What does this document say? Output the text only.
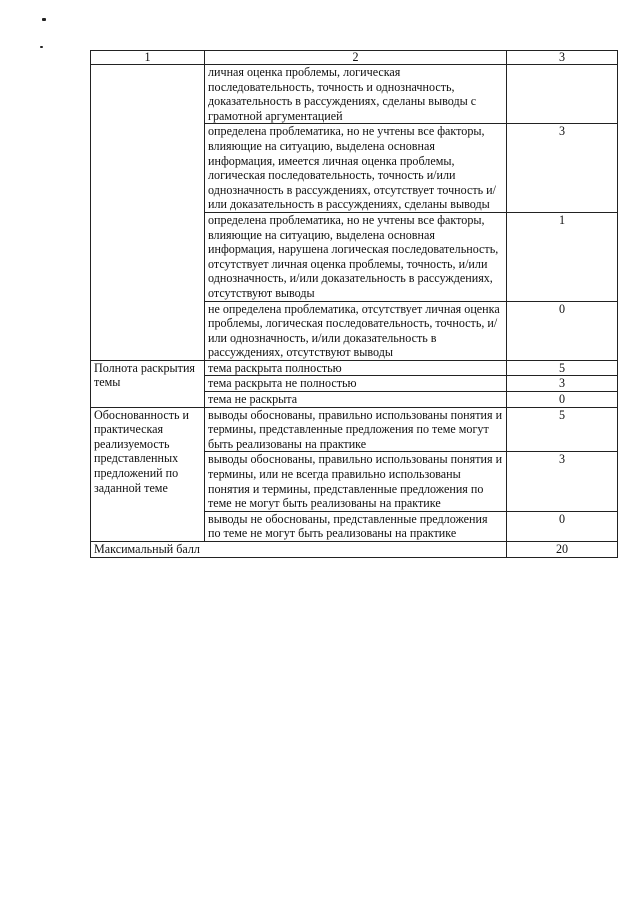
1	2	3
	личная оценка проблемы, логическая последовательность, точность и однозначность, доказательность в рассуждениях, сделаны выводы с грамотной аргументацией	
	определена проблематика, но не учтены все факторы, влияющие на ситуацию, выделена основная информация, имеется личная оценка проблемы, логическая последовательность, точность и/или однозначность в рассуждениях, отсутствует точность и/или доказательность в рассуждениях, сделаны выводы	3
	определена проблематика, но не учтены все факторы, влияющие на ситуацию, выделена основная информация, нарушена логическая последовательность, отсутствует личная оценка проблемы, точность, и/или однозначность, и/или доказательность в рассуждениях, отсутствуют выводы	1
	не определена проблематика, отсутствует личная оценка проблемы, логическая последовательность, точность, и/или однозначность, и/или доказательность в рассуждениях, отсутствуют выводы	0
Полнота раскрытия темы	тема раскрыта полностью	5
	тема раскрыта не полностью	3
	тема не раскрыта	0
Обоснованность и практическая реализуемость представленных предложений по заданной теме	выводы обоснованы, правильно использованы понятия и термины, представленные предложения по теме могут быть реализованы на практике	5
	выводы обоснованы, правильно использованы понятия и термины, или не всегда правильно использованы понятия и термины, представленные предложения по теме не могут быть реализованы на практике	3
	выводы не обоснованы, представленные предложения по теме не могут быть реализованы на практике	0
Максимальный балл		20
